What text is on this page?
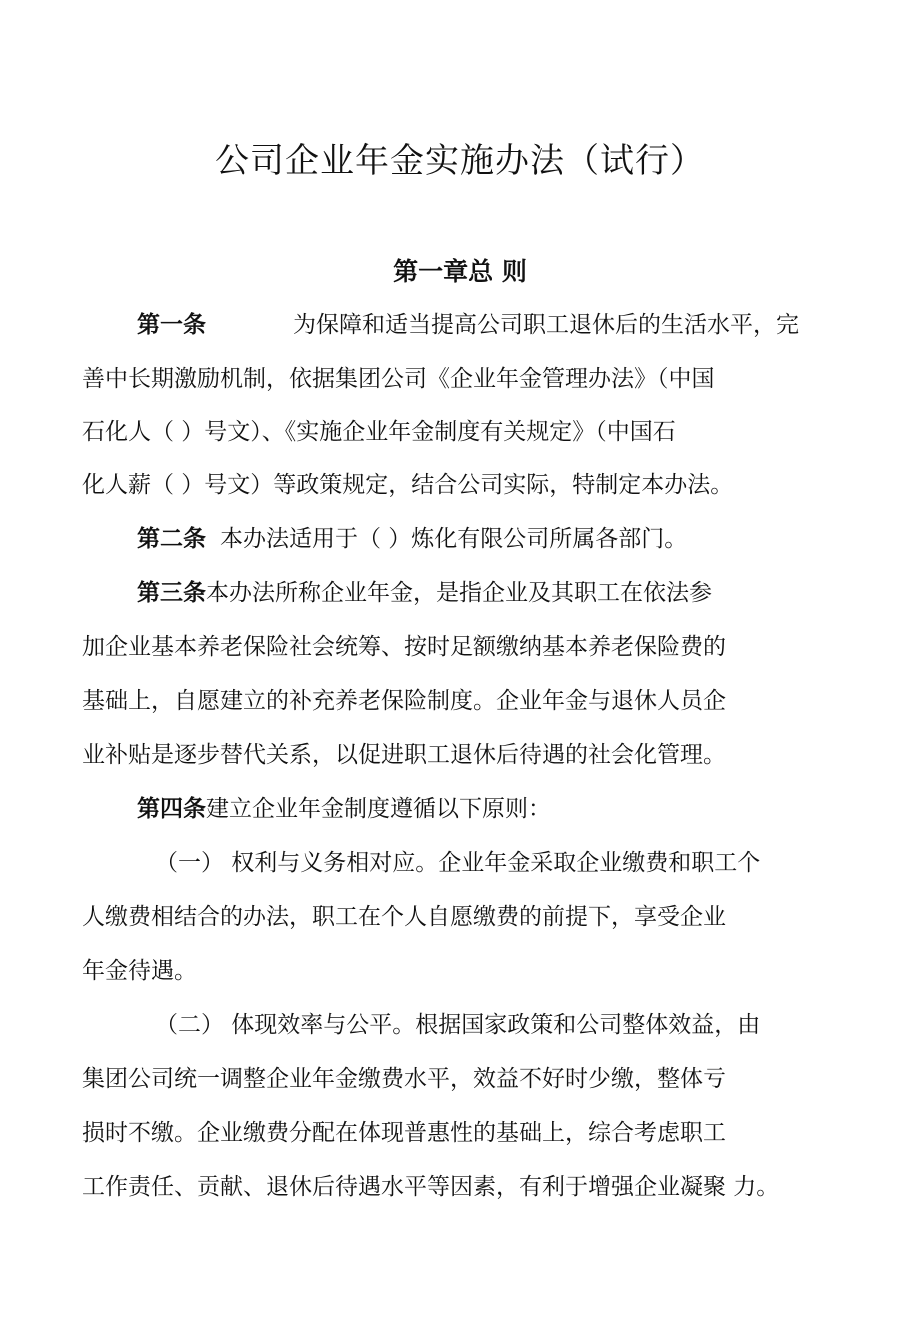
公司企业年金实施办法（试行）
第一章总 则

第一条	为保障和适当提高公司职工退休后的生活水平，完

善中长期激励机制，依据集团公司《企业年金管理办法》（中国

石化人（ ）号文）、《实施企业年金制度有关规定》（中国石

化人薪（ ）号文）等政策规定，结合公司实际，特制定本办法。

第二条 本办法适用于（ ）炼化有限公司所属各部门。

第三条本办法所称企业年金，是指企业及其职工在依法参

加企业基本养老保险社会统筹、按时足额缴纳基本养老保险费的

基础上，自愿建立的补充养老保险制度。企业年金与退休人员企

业补贴是逐步替代关系，以促进职工退休后待遇的社会化管理。

第四条建立企业年金制度遵循以下原则：

（一） 权利与义务相对应。企业年金采取企业缴费和职工个

人缴费相结合的办法，职工在个人自愿缴费的前提下，享受企业

年金待遇。

（二） 体现效率与公平。根据国家政策和公司整体效益，由

集团公司统一调整企业年金缴费水平，效益不好时少缴，整体亏

损时不缴。企业缴费分配在体现普惠性的基础上，综合考虑职工

工作责任、贡献、退休后待遇水平等因素，有利于增强企业凝聚 力。
